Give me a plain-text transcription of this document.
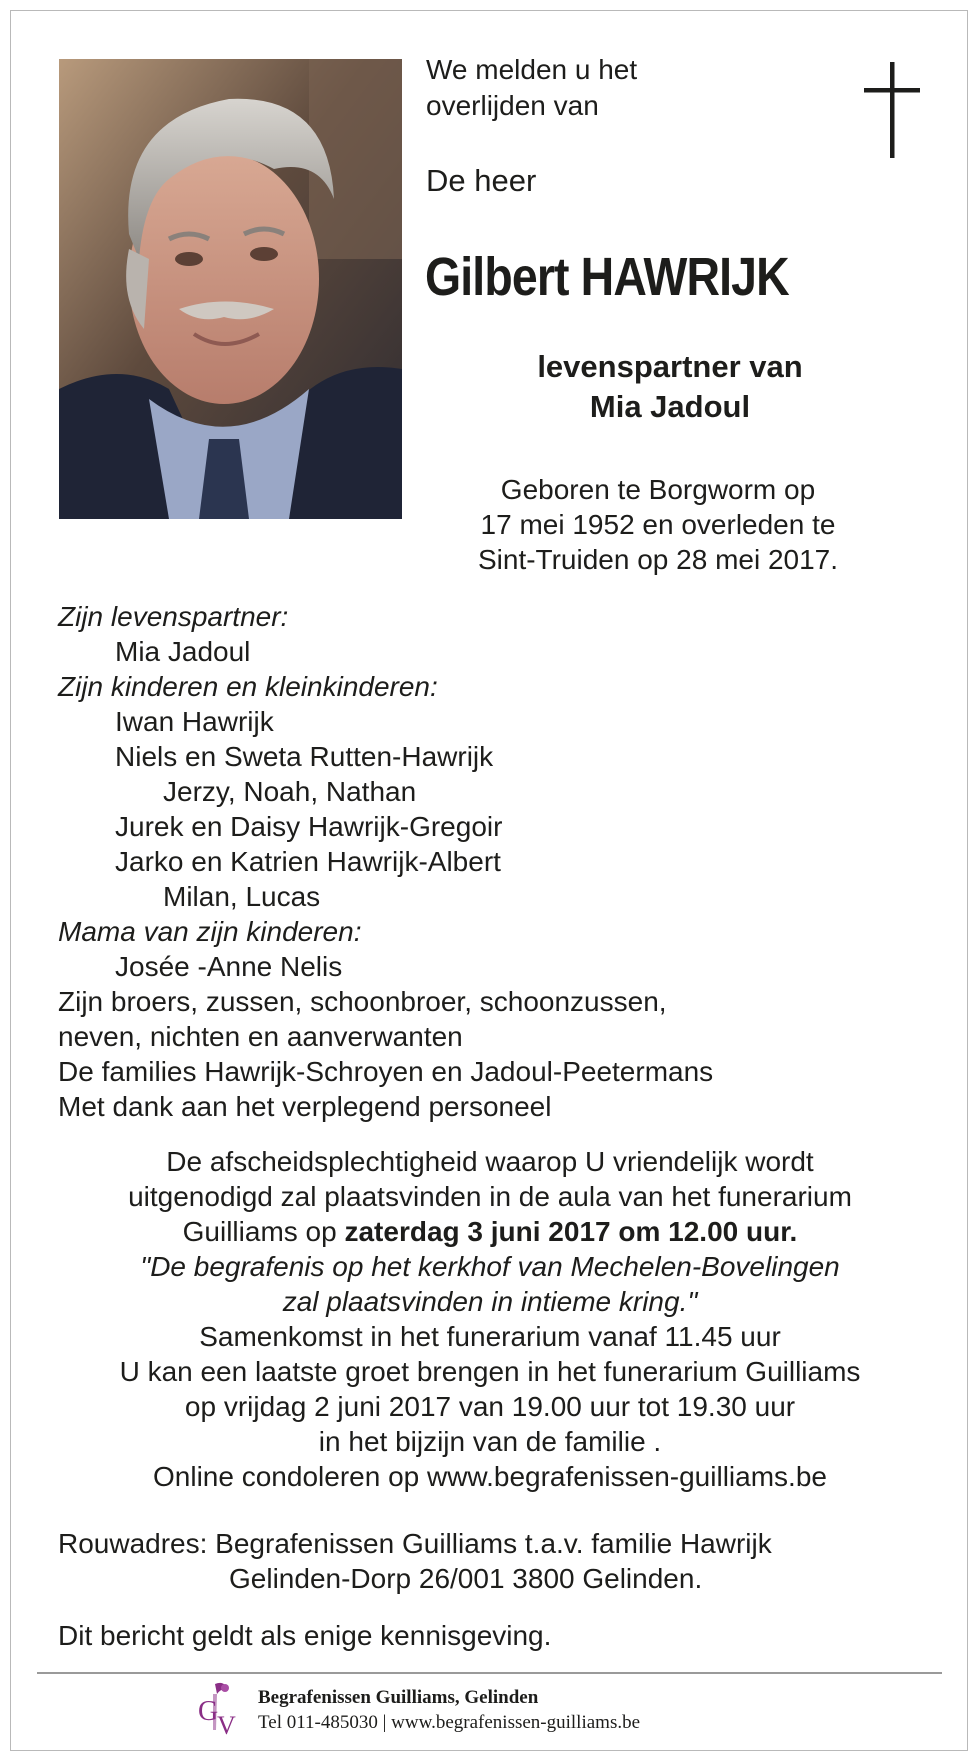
We melden u het
overlijden van
De heer
Gilbert HAWRIJK
levenspartner van
Mia Jadoul
Geboren te Borgworm op
17 mei 1952 en overleden te
Sint-Truiden op 28 mei 2017.
Zijn levenspartner:
Mia Jadoul
Zijn kinderen en kleinkinderen:
Iwan Hawrijk
Niels en Sweta Rutten-Hawrijk
Jerzy, Noah, Nathan
Jurek en Daisy Hawrijk-Gregoir
Jarko en Katrien Hawrijk-Albert
Milan, Lucas
Mama van zijn kinderen:
Josée -Anne Nelis
Zijn broers, zussen, schoonbroer, schoonzussen,
neven, nichten en aanverwanten
De families Hawrijk-Schroyen en Jadoul-Peetermans
Met dank aan het verplegend personeel
De afscheidsplechtigheid waarop U vriendelijk wordt
uitgenodigd zal plaatsvinden in de aula van het funerarium
Guilliams op zaterdag 3 juni 2017 om 12.00 uur.
"De begrafenis op het kerkhof van Mechelen-Bovelingen
zal plaatsvinden in intieme kring."
Samenkomst in het funerarium vanaf 11.45 uur
U kan een laatste groet brengen in het funerarium Guilliams
op vrijdag 2 juni 2017 van 19.00 uur tot 19.30 uur
in het bijzijn van de familie .
Online condoleren op www.begrafenissen-guilliams.be
Rouwadres: Begrafenissen Guilliams t.a.v. familie Hawrijk
Gelinden-Dorp 26/001 3800 Gelinden.
Dit bericht geldt als enige kennisgeving.
G
V
Begrafenissen Guilliams, Gelinden
Tel 011-485030 | www.begrafenissen-guilliams.be
